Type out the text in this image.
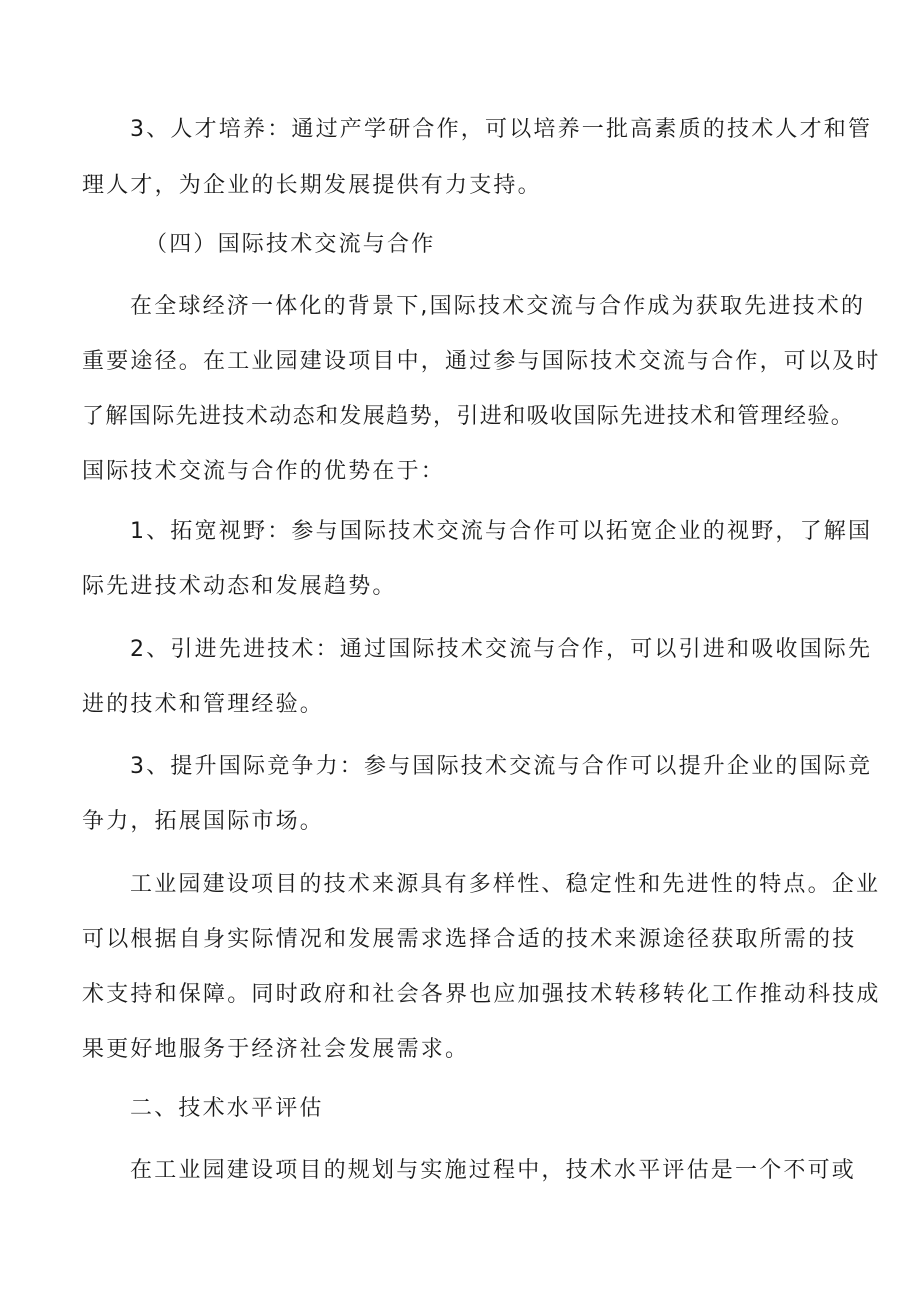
3、人才培养：通过产学研合作，可以培养一批高素质的技术人才和管
理人才，为企业的长期发展提供有力支持。
（四）国际技术交流与合作
在全球经济一体化的背景下,国际技术交流与合作成为获取先进技术的
重要途径。在工业园建设项目中，通过参与国际技术交流与合作，可以及时
了解国际先进技术动态和发展趋势，引进和吸收国际先进技术和管理经验。
国际技术交流与合作的优势在于：
1、拓宽视野：参与国际技术交流与合作可以拓宽企业的视野，了解国
际先进技术动态和发展趋势。
2、引进先进技术：通过国际技术交流与合作，可以引进和吸收国际先
进的技术和管理经验。
3、提升国际竞争力：参与国际技术交流与合作可以提升企业的国际竞
争力，拓展国际市场。
工业园建设项目的技术来源具有多样性、稳定性和先进性的特点。企业
可以根据自身实际情况和发展需求选择合适的技术来源途径获取所需的技
术支持和保障。同时政府和社会各界也应加强技术转移转化工作推动科技成
果更好地服务于经济社会发展需求。
二、技术水平评估
在工业园建设项目的规划与实施过程中，技术水平评估是一个不可或
